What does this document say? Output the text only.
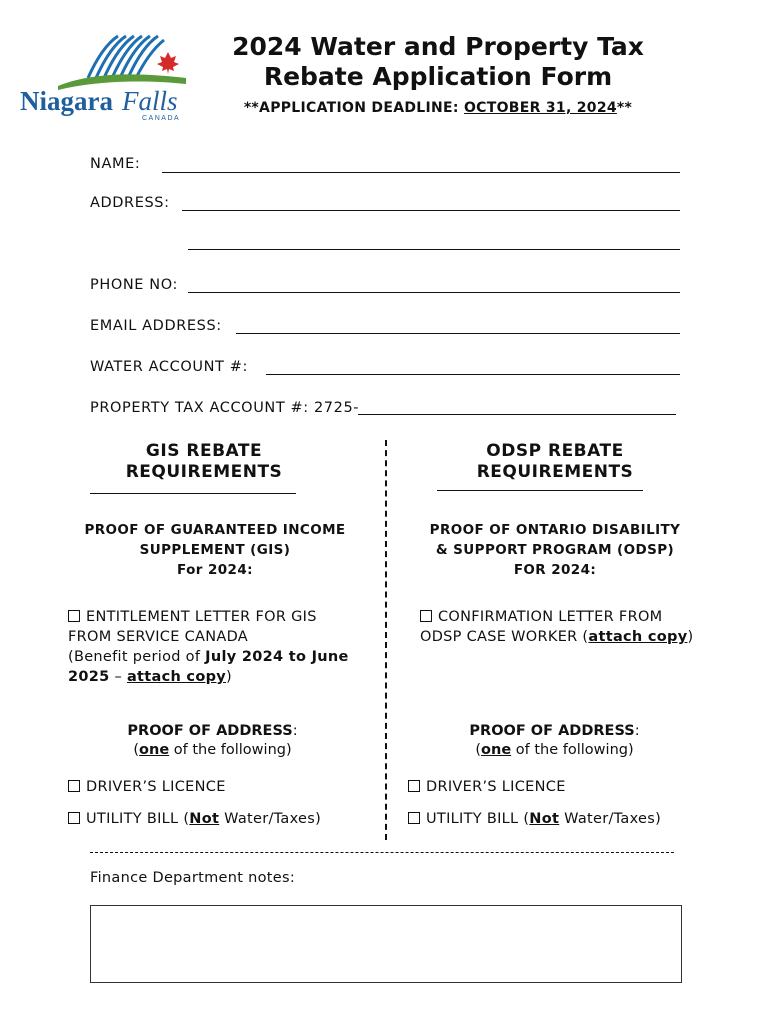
Niagara Falls
CANADA
2024 Water and Property Tax
Rebate Application Form
**APPLICATION DEADLINE: OCTOBER 31, 2024**
NAME:
ADDRESS:
PHONE NO:
EMAIL ADDRESS:
WATER ACCOUNT #:
PROPERTY TAX ACCOUNT #: 2725-
GIS REBATE
REQUIREMENTS
PROOF OF GUARANTEED INCOME
SUPPLEMENT (GIS)
For 2024:
ENTITLEMENT LETTER FOR GIS
FROM SERVICE CANADA
(Benefit period of July 2024 to June
2025 – attach copy)
PROOF OF ADDRESS:
(one of the following)
DRIVER’S LICENCE
UTILITY BILL (Not Water/Taxes)
ODSP REBATE
REQUIREMENTS
PROOF OF ONTARIO DISABILITY
& SUPPORT PROGRAM (ODSP)
FOR 2024:
CONFIRMATION LETTER FROM
ODSP CASE WORKER (attach copy)
PROOF OF ADDRESS:
(one of the following)
DRIVER’S LICENCE
UTILITY BILL (Not Water/Taxes)
Finance Department notes:
